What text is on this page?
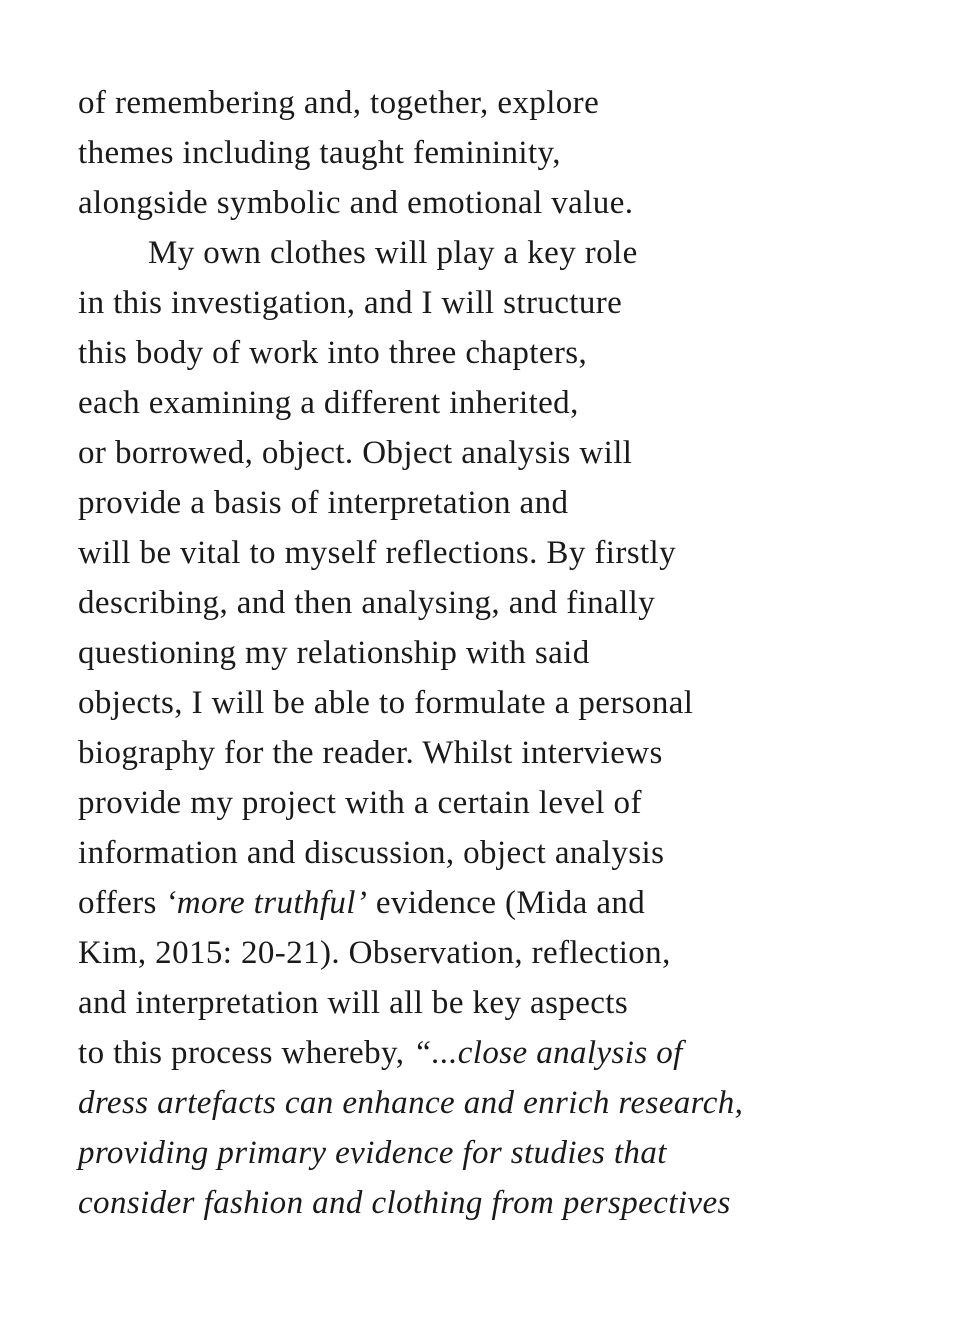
of remembering and, together, explore
themes including taught femininity,
alongside symbolic and emotional value.
My own clothes will play a key role
in this investigation, and I will structure
this body of work into three chapters,
each examining a different inherited,
or borrowed, object. Object analysis will
provide a basis of interpretation and
will be vital to myself reflections. By firstly
describing, and then analysing, and finally
questioning my relationship with said
objects, I will be able to formulate a personal
biography for the reader. Whilst interviews
provide my project with a certain level of
information and discussion, object analysis
offers ‘more truthful’ evidence (Mida and
Kim, 2015: 20-21). Observation, reflection,
and interpretation will all be key aspects
to this process whereby, “...close analysis of
dress artefacts can enhance and enrich research,
providing primary evidence for studies that
consider fashion and clothing from perspectives
